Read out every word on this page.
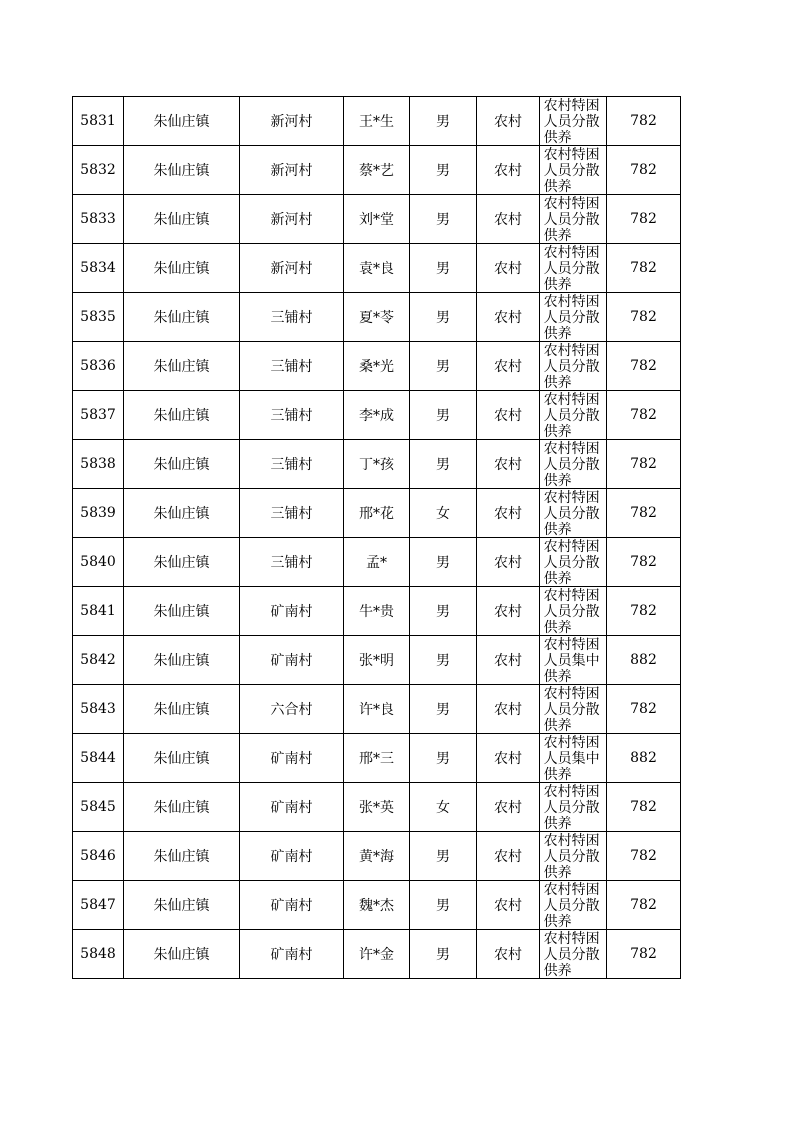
5831	朱仙庄镇	新河村	王*生	男	农村	农村特困人员分散供养	782
5832	朱仙庄镇	新河村	蔡*艺	男	农村	农村特困人员分散供养	782
5833	朱仙庄镇	新河村	刘*堂	男	农村	农村特困人员分散供养	782
5834	朱仙庄镇	新河村	袁*良	男	农村	农村特困人员分散供养	782
5835	朱仙庄镇	三铺村	夏*苓	男	农村	农村特困人员分散供养	782
5836	朱仙庄镇	三铺村	桑*光	男	农村	农村特困人员分散供养	782
5837	朱仙庄镇	三铺村	李*成	男	农村	农村特困人员分散供养	782
5838	朱仙庄镇	三铺村	丁*孩	男	农村	农村特困人员分散供养	782
5839	朱仙庄镇	三铺村	邢*花	女	农村	农村特困人员分散供养	782
5840	朱仙庄镇	三铺村	孟*	男	农村	农村特困人员分散供养	782
5841	朱仙庄镇	矿南村	牛*贵	男	农村	农村特困人员分散供养	782
5842	朱仙庄镇	矿南村	张*明	男	农村	农村特困人员集中供养	882
5843	朱仙庄镇	六合村	许*良	男	农村	农村特困人员分散供养	782
5844	朱仙庄镇	矿南村	邢*三	男	农村	农村特困人员集中供养	882
5845	朱仙庄镇	矿南村	张*英	女	农村	农村特困人员分散供养	782
5846	朱仙庄镇	矿南村	黄*海	男	农村	农村特困人员分散供养	782
5847	朱仙庄镇	矿南村	魏*杰	男	农村	农村特困人员分散供养	782
5848	朱仙庄镇	矿南村	许*金	男	农村	农村特困人员分散供养	782
